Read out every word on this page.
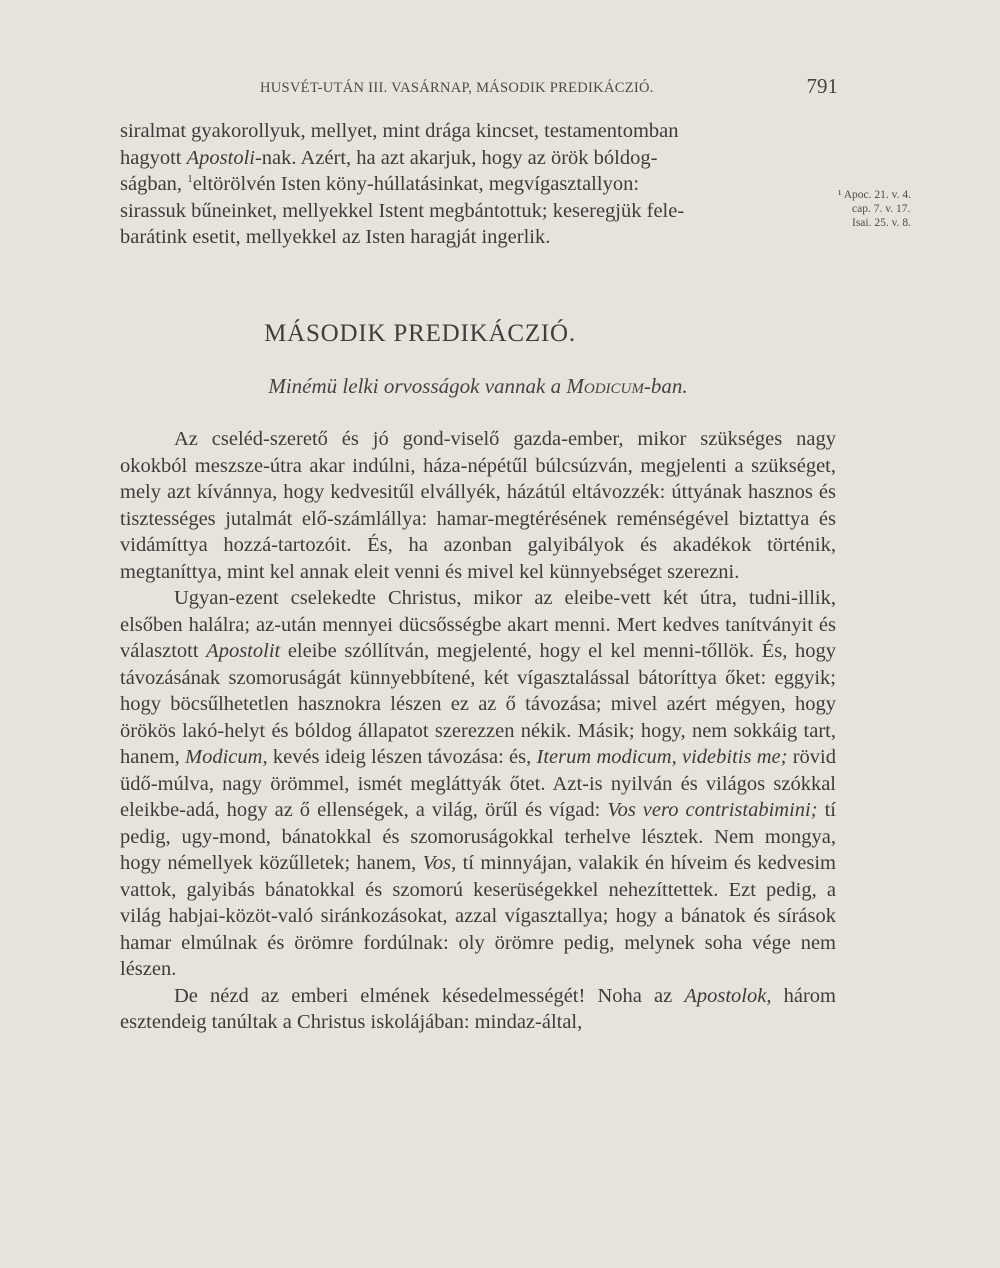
HUSVÉT-UTÁN III. VASÁRNAP, MÁSODIK PREDIKÁCZIÓ.	791
siralmat gyakorollyuk, mellyet, mint drága kincset, testamentomban
hagyott Apostoli-nak. Azért, ha azt akarjuk, hogy az örök bóldog-
ságban, $^1$eltörölvén Isten köny-húllatásinkat, megvígasztallyon:
sirassuk bűneinket, mellyekkel Istent megbántottuk; keseregjük fele-
barátink esetit, mellyekkel az Isten haragját ingerlik.
¹ Apoc. 21. v. 4.
cap. 7. v. 17.
Isai. 25. v. 8.
MÁSODIK PREDIKÁCZIÓ.
Minémü lelki orvosságok vannak a Modicum-ban.

Az cseléd-szerető és jó gond-viselő gazda-ember, mikor szükséges nagy okokból meszsze-útra akar indúlni, háza-népétűl búlcsúzván, megjelenti a szükséget, mely azt kívánnya, hogy kedvesitűl elvállyék, házátúl eltávozzék: úttyának hasznos és tisztességes jutalmát elő-számlállya: hamar-megtérésének reménségével biztattya és vidámíttya hozzá-tartozóit. És, ha azonban galyibályok és akadékok történik, megtaníttya, mint kel annak eleit venni és mivel kel künnyebséget szerezni.

Ugyan-ezent cselekedte Christus, mikor az eleibe-vett két útra, tudni-illik, elsőben halálra; az-után mennyei dücsősségbe akart menni. Mert kedves tanítványit és választott Apostolit eleibe szóllítván, megjelenté, hogy el kel menni-tőllök. És, hogy távozásának szomoruságát künnyebbítené, két vígasztalással bátoríttya őket: eggyik; hogy böcsűlhetetlen hasznokra lészen ez az ő távozása; mivel azért mégyen, hogy örökös lakó-helyt és bóldog állapatot szerezzen nékik. Másik; hogy, nem sokkáig tart, hanem, Modicum, kevés ideig lészen távozása: és, Iterum modicum, videbitis me; rövid üdő-múlva, nagy örömmel, ismét megláttyák őtet. Azt-is nyilván és világos szókkal eleikbe-adá, hogy az ő ellenségek, a világ, örűl és vígad: Vos vero contristabimini; tí pedig, ugy-mond, bánatokkal és szomoruságokkal terhelve lésztek. Nem mongya, hogy némellyek közűlletek; hanem, Vos, tí minnyájan, valakik én híveim és kedvesim vattok, galyibás bánatokkal és szomorú keserüségekkel nehezíttettek. Ezt pedig, a világ habjai-közöt-való siránkozásokat, azzal vígasztallya; hogy a bánatok és sírások hamar elmúlnak és örömre fordúlnak: oly örömre pedig, melynek soha vége nem lészen.

De nézd az emberi elmének késedelmességét! Noha az Apostolok, három esztendeig tanúltak a Christus iskolájában: mindaz-által,
